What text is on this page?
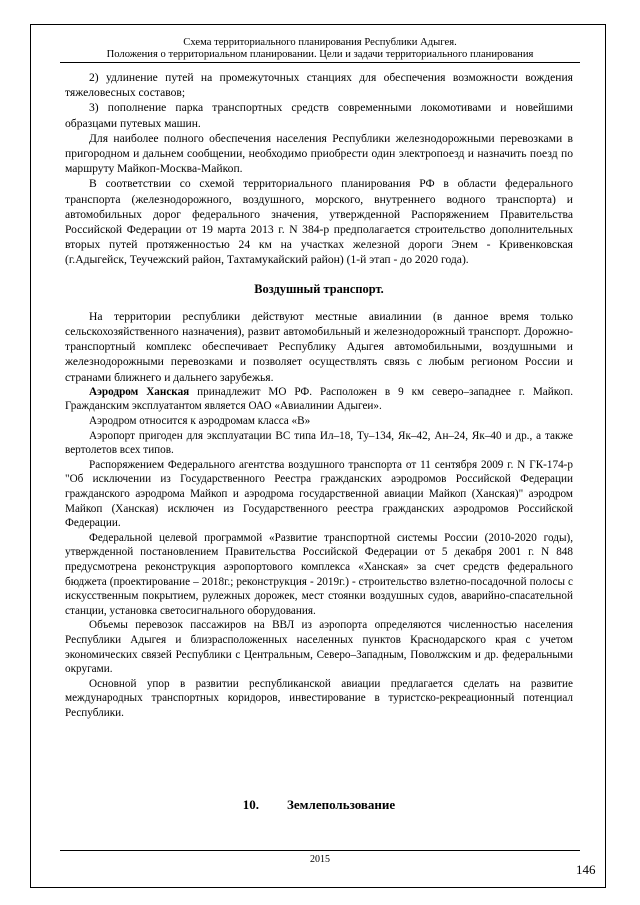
Схема территориального планирования Республики Адыгея.
Положения о территориальном планировании. Цели и задачи территориального планирования

2) удлинение путей на промежуточных станциях для обеспечения возможности вождения тяжеловесных составов;

3) пополнение парка транспортных средств современными локомотивами и новейшими образцами путевых машин.

Для наиболее полного обеспечения населения Республики железнодорожными перевозками в пригородном и дальнем сообщении, необходимо приобрести один электропоезд и назначить поезд по маршруту Майкоп-Москва-Майкоп.

В соответствии со схемой территориального планирования РФ в области федерального транспорта (железнодорожного, воздушного, морского, внутреннего водного транспорта) и автомобильных дорог федерального значения, утвержденной Распоряжением Правительства Российской Федерации от 19 марта 2013 г. N 384-р предполагается строительство дополнительных вторых путей протяженностью 24 км на участках железной дороги Энем - Кривенковская (г.Адыгейск, Теучежский район, Тахтамукайский район) (1-й этап - до 2020 года).

Воздушный транспорт.

На территории республики действуют местные авиалинии (в данное время только сельскохозяйственного назначения), развит автомобильный и железнодорожный транспорт. Дорожно-транспортный комплекс обеспечивает Республику Адыгея автомобильными, воздушными и железнодорожными перевозками и позволяет осуществлять связь с любым регионом России и странами ближнего и дальнего зарубежья.

Аэродром Ханская принадлежит МО РФ. Расположен в 9 км северо–западнее г. Майкоп. Гражданским эксплуатантом является ОАО «Авиалинии Адыгеи».

Аэродром относится к аэродромам класса «В»

Аэропорт пригоден для эксплуатации ВС типа Ил–18, Ту–134, Як–42, Ан–24, Як–40 и др., а также вертолетов всех типов.

Распоряжением Федерального агентства воздушного транспорта от 11 сентября 2009 г. N ГК-174-р "Об исключении из Государственного Реестра гражданских аэродромов Российской Федерации гражданского аэродрома Майкоп и аэродрома государственной авиации Майкоп (Ханская)" аэродром Майкоп (Ханская) исключен из Государственного реестра гражданских аэродромов Российской Федерации.

Федеральной целевой программой «Развитие транспортной системы России (2010-2020 годы), утвержденной постановлением Правительства Российской Федерации от 5 декабря 2001 г. N 848 предусмотрена реконструкция аэропортового комплекса «Ханская» за счет средств федерального бюджета (проектирование – 2018г.; реконструкция - 2019г.) - строительство взлетно-посадочной полосы с искусственным покрытием, рулежных дорожек, мест стоянки воздушных судов, аварийно-спасательной станции, установка светосигнального оборудования.

Объемы перевозок пассажиров на ВВЛ из аэропорта определяются численностью населения Республики Адыгея и близрасположенных населенных пунктов Краснодарского края с учетом экономических связей Республики с Центральным, Северо–Западным, Поволжским и др. федеральными округами.

Основной упор в развитии республиканской авиации предлагается сделать на развитие международных транспортных коридоров, инвестирование в туристско-рекреационный потенциал Республики.

10. Землепользование
2015
146
